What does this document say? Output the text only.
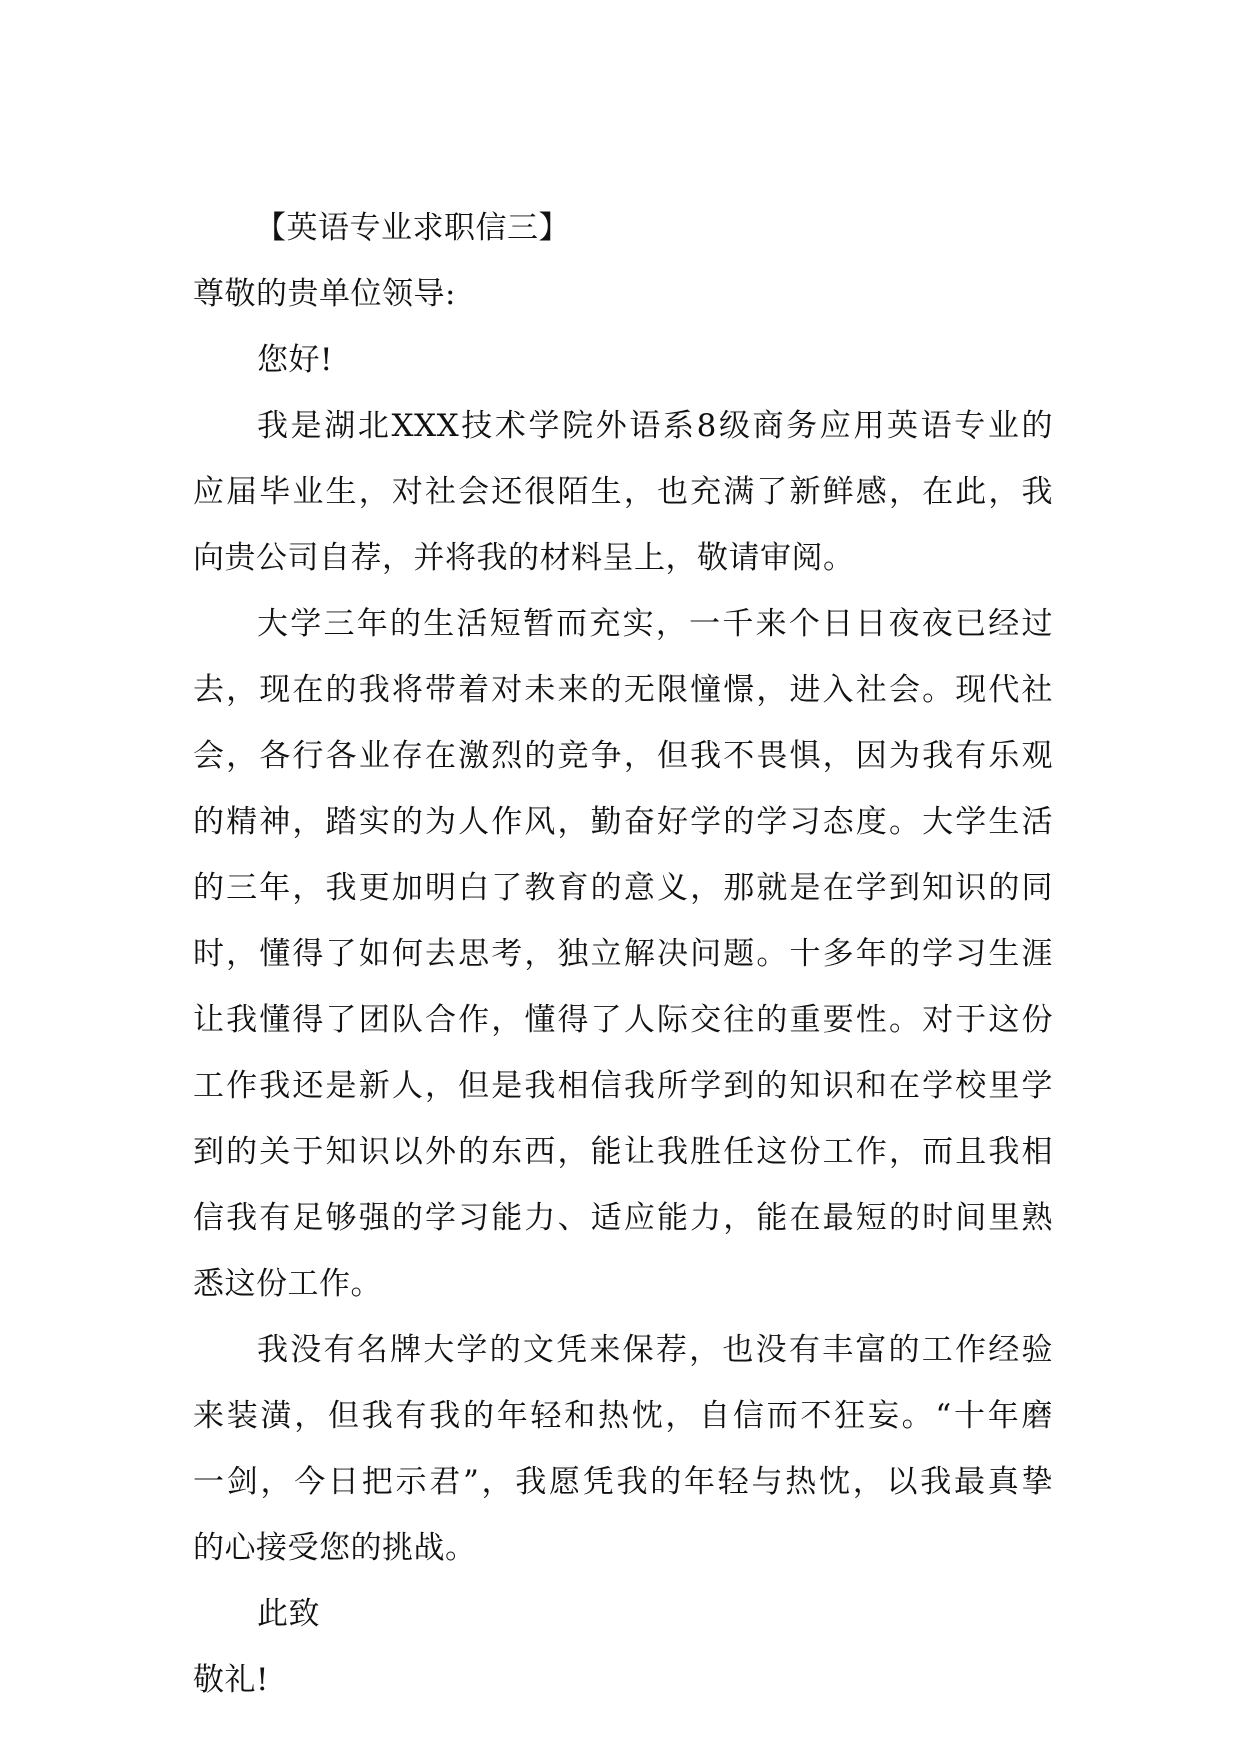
【英语专业求职信三】
尊敬的贵单位领导:
您好!
我是湖北XXX技术学院外语系8级商务应用英语专业的
应届毕业生，对社会还很陌生，也充满了新鲜感，在此，我
向贵公司自荐，并将我的材料呈上，敬请审阅。
大学三年的生活短暂而充实，一千来个日日夜夜已经过
去，现在的我将带着对未来的无限憧憬，进入社会。现代社
会，各行各业存在激烈的竞争，但我不畏惧，因为我有乐观
的精神，踏实的为人作风，勤奋好学的学习态度。大学生活
的三年，我更加明白了教育的意义，那就是在学到知识的同
时，懂得了如何去思考，独立解决问题。十多年的学习生涯
让我懂得了团队合作，懂得了人际交往的重要性。对于这份
工作我还是新人，但是我相信我所学到的知识和在学校里学
到的关于知识以外的东西，能让我胜任这份工作，而且我相
信我有足够强的学习能力、适应能力，能在最短的时间里熟
悉这份工作。
我没有名牌大学的文凭来保荐，也没有丰富的工作经验
来装潢，但我有我的年轻和热忱，自信而不狂妄。“十年磨
一剑，今日把示君”，我愿凭我的年轻与热忱，以我最真挚
的心接受您的挑战。
此致
敬礼!
